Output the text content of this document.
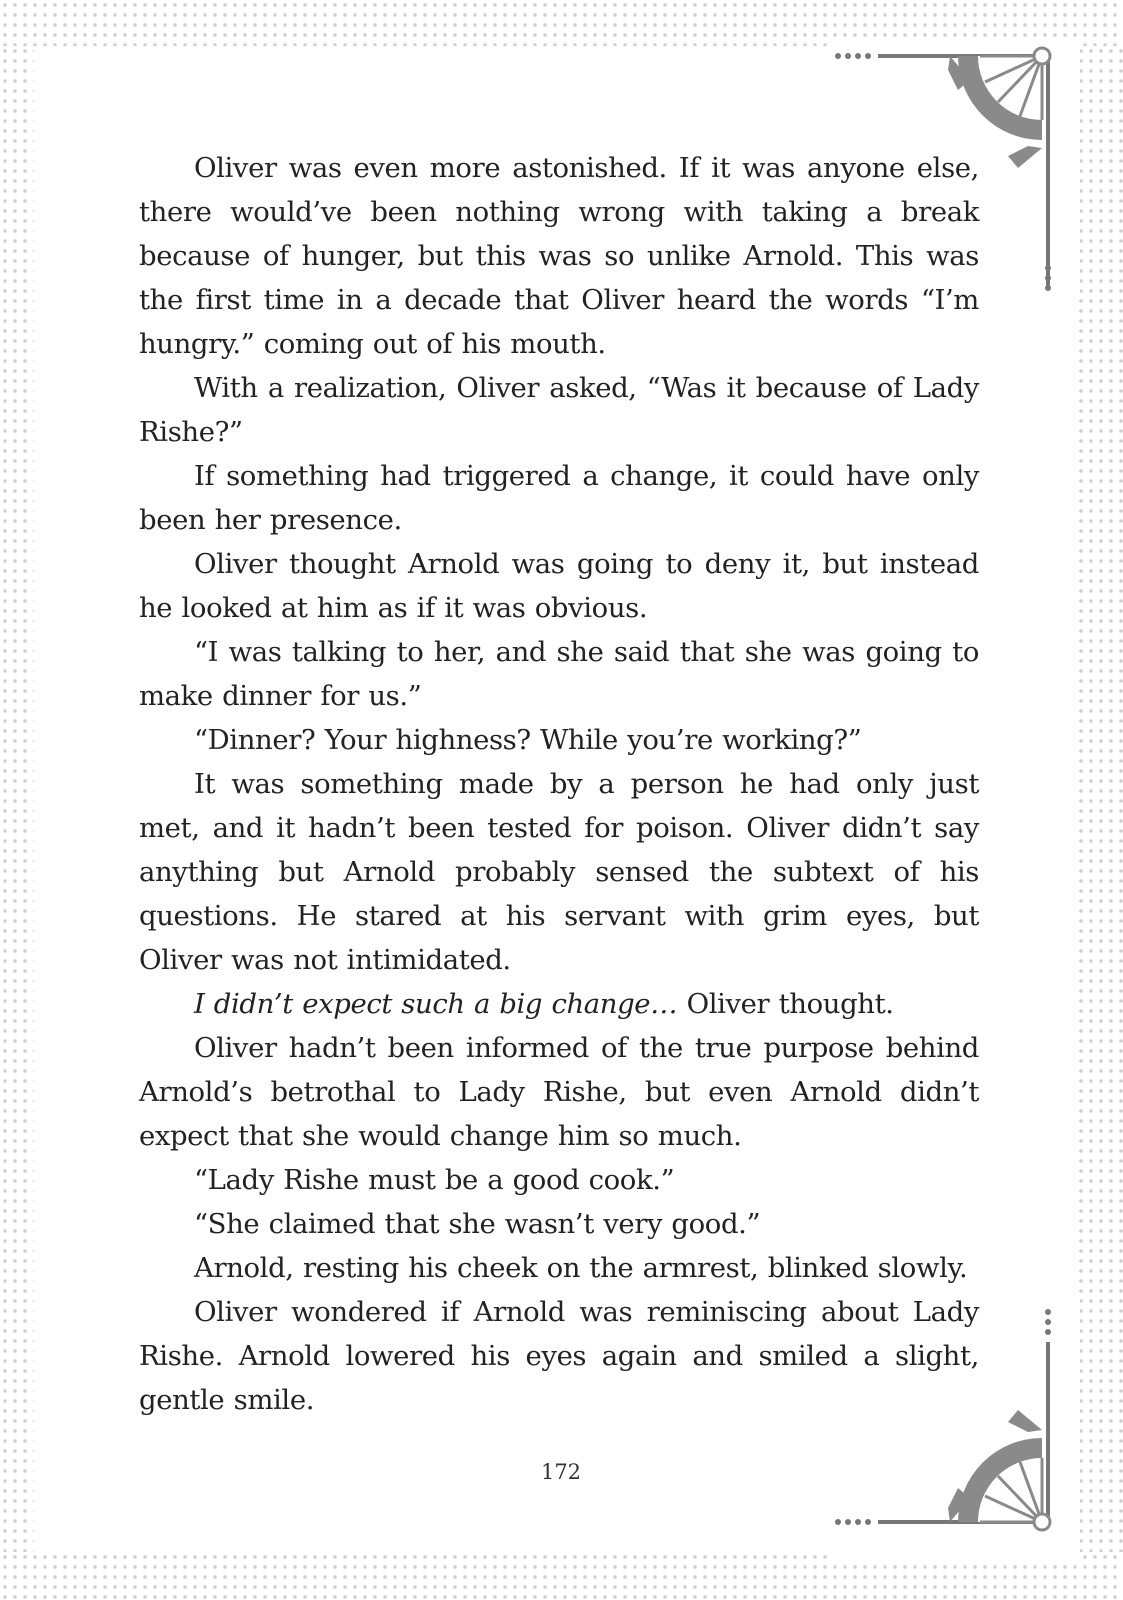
Oliver was even more astonished. If it was anyone else, there would’ve been nothing wrong with taking a break because of hunger, but this was so unlike Arnold. This was the first time in a decade that Oliver heard the words “I’m hungry.” coming out of his mouth.

With a realization, Oliver asked, “Was it because of Lady Rishe?”

If something had triggered a change, it could have only been her presence.

Oliver thought Arnold was going to deny it, but instead he looked at him as if it was obvious.

“I was talking to her, and she said that she was going to make dinner for us.”

“Dinner? Your highness? While you’re working?”

It was something made by a person he had only just met, and it hadn’t been tested for poison. Oliver didn’t say anything but Arnold probably sensed the subtext of his questions. He stared at his servant with grim eyes, but Oliver was not intimidated.

I didn’t expect such a big change… Oliver thought.

Oliver hadn’t been informed of the true purpose behind Arnold’s betrothal to Lady Rishe, but even Arnold didn’t expect that she would change him so much.

“Lady Rishe must be a good cook.”

“She claimed that she wasn’t very good.”

Arnold, resting his cheek on the armrest, blinked slowly.

Oliver wondered if Arnold was reminiscing about Lady Rishe. Arnold lowered his eyes again and smiled a slight, gentle smile.

172
